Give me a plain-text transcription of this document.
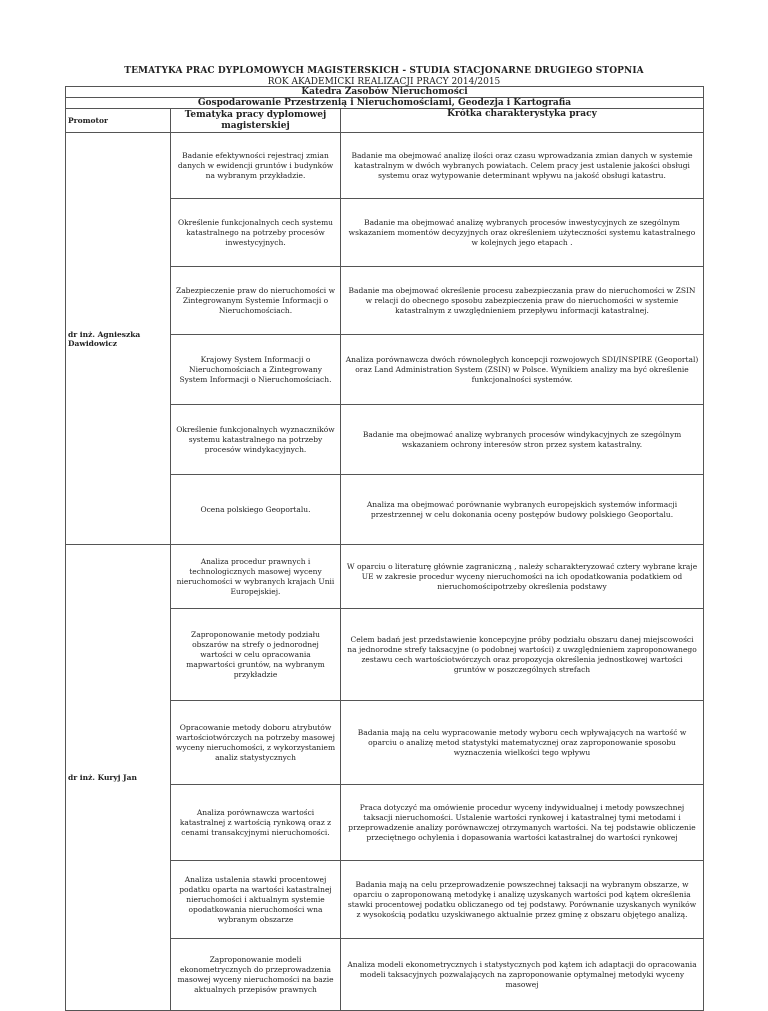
TEMATYKA PRAC DYPLOMOWYCH MAGISTERSKICH - STUDIA STACJONARNE DRUGIEGO STOPNIA
ROK AKADEMICKI REALIZACJI PRACY 2014/2015
Katedra Zasobów Nieruchomości		
Gospodarowanie Przestrzenią i Nieruchomościami, Geodezja i Kartografia		
Promotor	Tematyka pracy dyplomowej magisterskiej	Krótka charakterystyka pracy
dr inż. Agnieszka Dawidowicz	Badanie efektywności rejestracj zmian danych w ewidencji gruntów i budynków na wybranym przykładzie.	Badanie ma obejmować analizę ilości oraz czasu wprowadzania zmian danych w systemie katastralnym w dwóch wybranych powiatach. Celem pracy jest ustalenie jakości obsługi systemu oraz wytypowanie determinant wpływu na jakość obsługi katastru.
	Określenie funkcjonalnych cech systemu katastralnego na potrzeby procesów inwestycyjnych.	Badanie ma obejmować analizę wybranych procesów inwestycyjnych ze szególnym wskazaniem momentów decyzyjnych oraz określeniem użyteczności systemu katastralnego w kolejnych jego etapach .
	Zabezpieczenie praw do nieruchomości w Zintegrowanym Systemie Informacji o Nieruchomościach.	Badanie ma obejmować określenie procesu zabezpieczania praw do nieruchomości w ZSIN w relacji do obecnego sposobu zabezpieczenia praw do nieruchomości w systemie katastralnym z uwzględnieniem przepływu informacji katastralnej.
	Krajowy System Informacji o Nieruchomościach a Zintegrowany System Informacji o Nieruchomościach.	Analiza porównawcza dwóch równoległych koncepcji rozwojowych SDI/INSPIRE (Geoportal) oraz Land Administration System (ZSIN) w Polsce. Wynikiem analizy ma być określenie funkcjonalności systemów.
	Określenie funkcjonalnych wyznaczników systemu katastralnego na potrzeby procesów windykacyjnych.	Badanie ma obejmować analizę wybranych procesów windykacyjnych ze szególnym wskazaniem ochrony interesów stron przez system katastralny.
	Ocena polskiego Geoportalu.	Analiza ma obejmować porównanie wybranych europejskich systemów informacji przestrzennej w celu dokonania oceny postępów budowy polskiego Geoportalu.
dr inż. Kuryj Jan	Analiza procedur prawnych i technologicznych masowej wyceny nieruchomości w wybranych krajach Unii Europejskiej.	W oparciu o literaturę głównie zagraniczną , należy scharakteryzować cztery wybrane kraje UE w zakresie procedur wyceny nieruchomości na ich opodatkowania podatkiem od nieruchomościpotrzeby określenia podstawy
	Zaproponowanie metody podziału obszarów na strefy o jednorodnej wartości w celu opracowania mapwartości gruntów, na wybranym przykładzie	Celem badań jest przedstawienie koncepcyjne próby podziału obszaru danej miejscowości na jednorodne strefy taksacyjne (o podobnej wartości) z uwzględnieniem zaproponowanego zestawu cech wartościotwórczych oraz propozycja określenia jednostkowej wartości gruntów w poszczególnych strefach
	Opracowanie metody doboru atrybutów wartościotwórczych na potrzeby masowej wyceny nieruchomości, z wykorzystaniem analiz statystycznych	Badania mają na celu wypracowanie metody wyboru cech wpływających na wartość w oparciu o analizę metod statystyki matematycznej oraz zaproponowanie sposobu wyznaczenia wielkości tego wpływu
	Analiza porównawcza wartości katastralnej z wartością rynkową oraz z cenami transakcyjnymi nieruchomości.	Praca dotyczyć ma omówienie procedur wyceny indywidualnej i metody powszechnej taksacji nieruchomości. Ustalenie wartości rynkowej i katastralnej tymi metodami i przeprowadzenie analizy porównawczej otrzymanych wartości. Na tej podstawie obliczenie przeciętnego ochylenia i dopasowania wartości katastralnej do wartości rynkowej
	Analiza ustalenia stawki procentowej podatku oparta na wartości katastralnej nieruchomości i aktualnym systemie opodatkowania nieruchomości wna wybranym obszarze	Badania mają na celu przeprowadzenie powszechnej taksacji na wybranym obszarze, w oparciu o zaproponowaną metodykę i analizę uzyskanych wartości pod kątem określenia stawki procentowej podatku obliczanego od tej podstawy. Porównanie uzyskanych wyników z wysokością podatku uzyskiwanego aktualnie przez gminę z obszaru objętego analizą.
	Zaproponowanie modeli ekonometrycznych do przeprowadzenia masowej wyceny nieruchomości na bazie aktualnych przepisów prawnych	Analiza modeli ekonometrycznych i statystycznych pod kątem ich adaptacji do opracowania modeli taksacyjnych pozwalających na zaproponowanie optymalnej metodyki wyceny masowej
